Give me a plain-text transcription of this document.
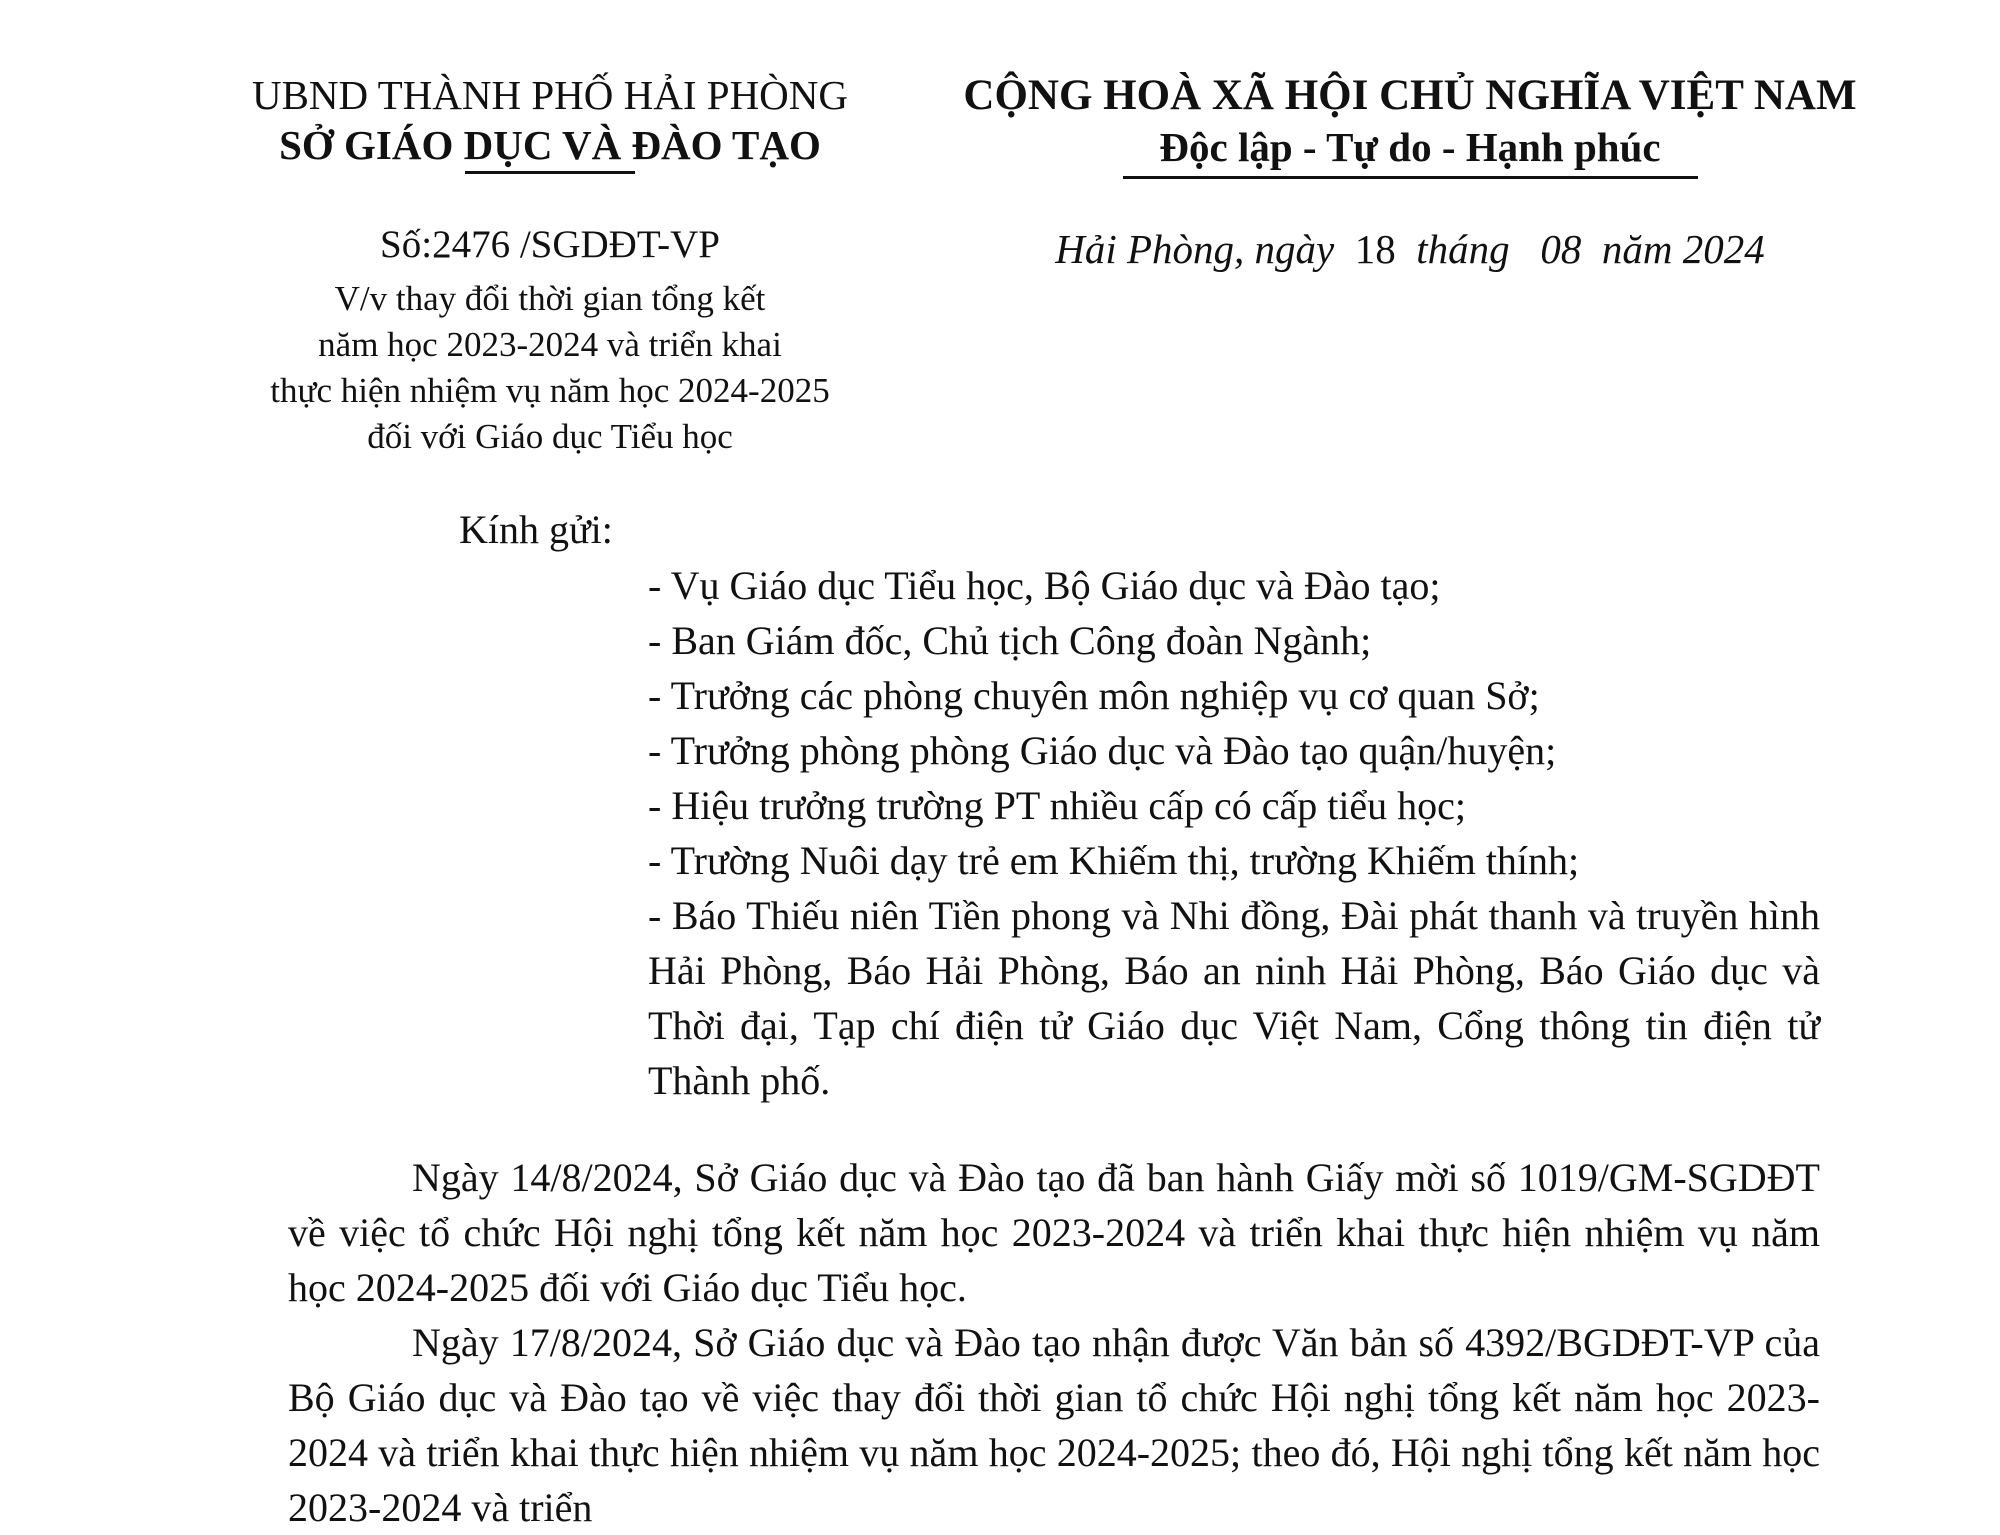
UBND THÀNH PHỐ HẢI PHÒNG
SỞ GIÁO DỤC VÀ ĐÀO TẠO
Số:2476 /SGDĐT-VP
V/v thay đổi thời gian tổng kết
năm học 2023-2024 và triển khai
thực hiện nhiệm vụ năm học 2024-2025
đối với Giáo dục Tiểu học
CỘNG HOÀ XÃ HỘI CHỦ NGHĨA VIỆT NAM
Độc lập - Tự do - Hạnh phúc
Hải Phòng, ngày 18 tháng 08 năm 2024
Kính gửi:
- Vụ Giáo dục Tiểu học, Bộ Giáo dục và Đào tạo;
- Ban Giám đốc, Chủ tịch Công đoàn Ngành;
- Trưởng các phòng chuyên môn nghiệp vụ cơ quan Sở;
- Trưởng phòng phòng Giáo dục và Đào tạo quận/huyện;
- Hiệu trưởng trường PT nhiều cấp có cấp tiểu học;
- Trường Nuôi dạy trẻ em Khiếm thị, trường Khiếm thính;
- Báo Thiếu niên Tiền phong và Nhi đồng, Đài phát thanh và truyền hình Hải Phòng, Báo Hải Phòng, Báo an ninh Hải Phòng, Báo Giáo dục và Thời đại, Tạp chí điện tử Giáo dục Việt Nam, Cổng thông tin điện tử Thành phố.

Ngày 14/8/2024, Sở Giáo dục và Đào tạo đã ban hành Giấy mời số 1019/GM-SGDĐT về việc tổ chức Hội nghị tổng kết năm học 2023-2024 và triển khai thực hiện nhiệm vụ năm học 2024-2025 đối với Giáo dục Tiểu học.

Ngày 17/8/2024, Sở Giáo dục và Đào tạo nhận được Văn bản số 4392/BGDĐT-VP của Bộ Giáo dục và Đào tạo về việc thay đổi thời gian tổ chức Hội nghị tổng kết năm học 2023-2024 và triển khai thực hiện nhiệm vụ năm học 2024-2025; theo đó, Hội nghị tổng kết năm học 2023-2024 và triển
